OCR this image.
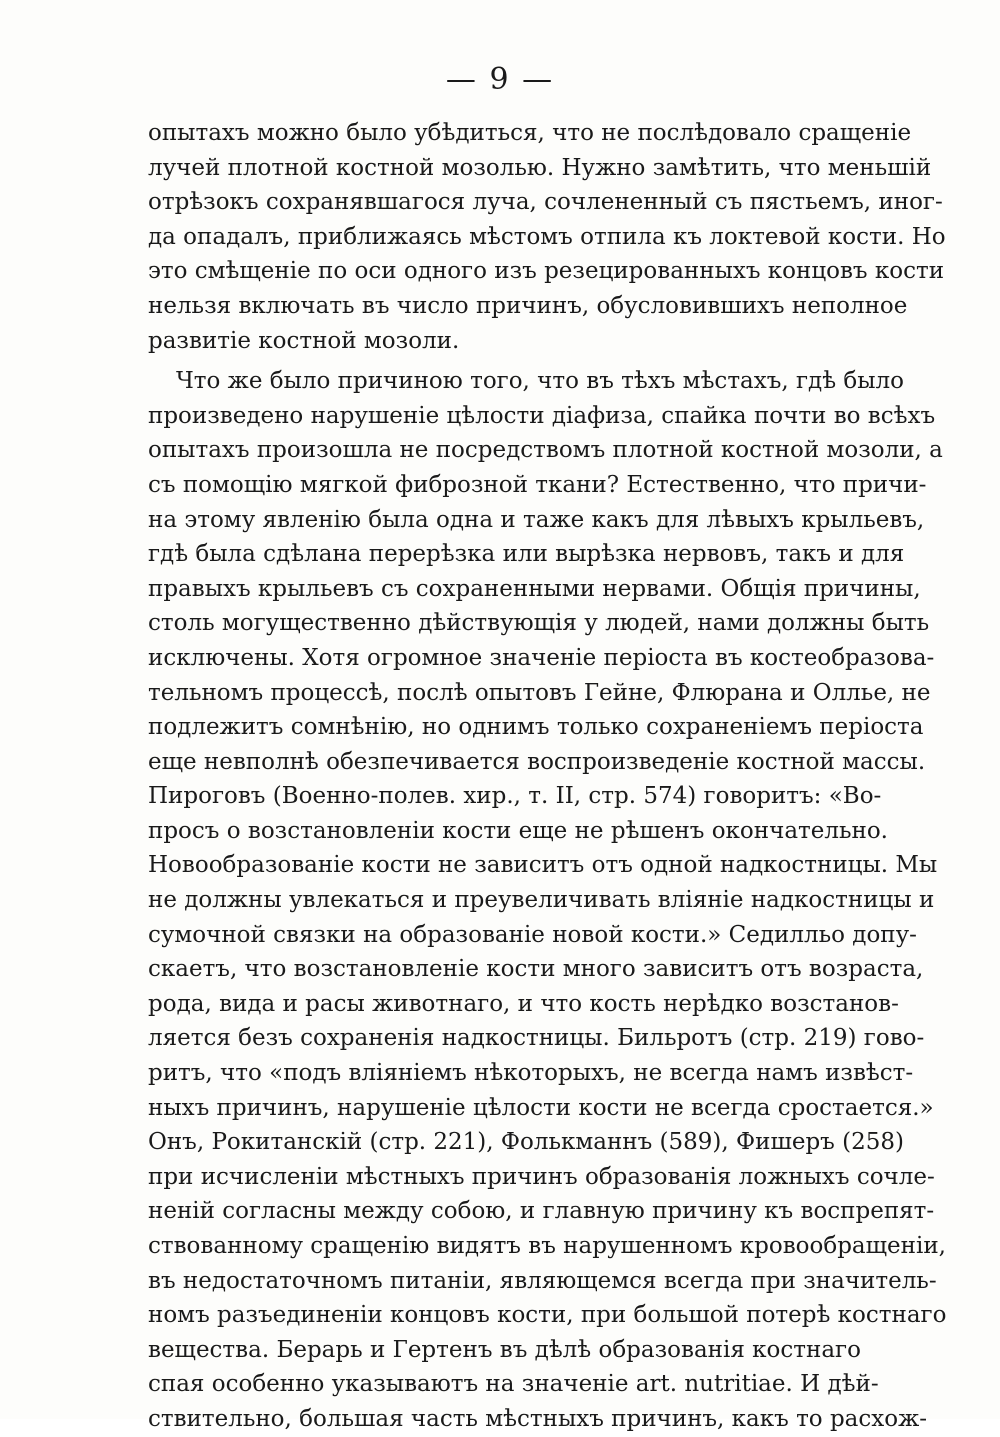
— 9 —
опытахъ можно было убѣдиться, что не послѣдовало сращеніе
лучей плотной костной мозолью. Нужно замѣтить, что меньшій
отрѣзокъ сохранявшагося луча, сочлененный съ пястьемъ, иног-
да опадалъ, приближаясь мѣстомъ отпила къ локтевой кости. Но
это смѣщеніе по оси одного изъ резецированныхъ концовъ кости
нельзя включать въ число причинъ, обусловившихъ неполное
развитіе костной мозоли.
Что же было причиною того, что въ тѣхъ мѣстахъ, гдѣ было
произведено нарушеніе цѣлости діафиза, спайка почти во всѣхъ
опытахъ произошла не посредствомъ плотной костной мозоли, а
съ помощію мягкой фиброзной ткани? Естественно, что причи-
на этому явленію была одна и таже какъ для лѣвыхъ крыльевъ,
гдѣ была сдѣлана перерѣзка или вырѣзка нервовъ, такъ и для
правыхъ крыльевъ съ сохраненными нервами. Общія причины,
столь могущественно дѣйствующія у людей, нами должны быть
исключены. Хотя огромное значеніе періоста въ костеобразова-
тельномъ процессѣ, послѣ опытовъ Гейне, Флюрана и Оллье, не
подлежитъ сомнѣнію, но однимъ только сохраненіемъ періоста
еще невполнѣ обезпечивается воспроизведеніе костной массы.
Пироговъ (Военно-полев. хир., т. II, стр. 574) говоритъ: «Во-
просъ о возстановленіи кости еще не рѣшенъ окончательно.
Новообразованіе кости не зависитъ отъ одной надкостницы. Мы
не должны увлекаться и преувеличивать вліяніе надкостницы и
сумочной связки на образованіе новой кости.» Седилльо допу-
скаетъ, что возстановленіе кости много зависитъ отъ возраста,
рода, вида и расы животнаго, и что кость нерѣдко возстанов-
ляется безъ сохраненія надкостницы. Бильротъ (стр. 219) гово-
ритъ, что «подъ вліяніемъ нѣкоторыхъ, не всегда намъ извѣст-
ныхъ причинъ, нарушеніе цѣлости кости не всегда сростается.»
Онъ, Рокитанскій (стр. 221), Фолькманнъ (589), Фишеръ (258)
при исчисленіи мѣстныхъ причинъ образованія ложныхъ сочле-
неній согласны между собою, и главную причину къ воспрепят-
ствованному сращенію видятъ въ нарушенномъ кровообращеніи,
въ недостаточномъ питаніи, являющемся всегда при значитель-
номъ разъединеніи концовъ кости, при большой потерѣ костнаго
вещества. Берарь и Гертенъ въ дѣлѣ образованія костнаго
спая особенно указываютъ на значеніе art. nutritiae. И дѣй-
ствительно, большая часть мѣстныхъ причинъ, какъ то расхож-
